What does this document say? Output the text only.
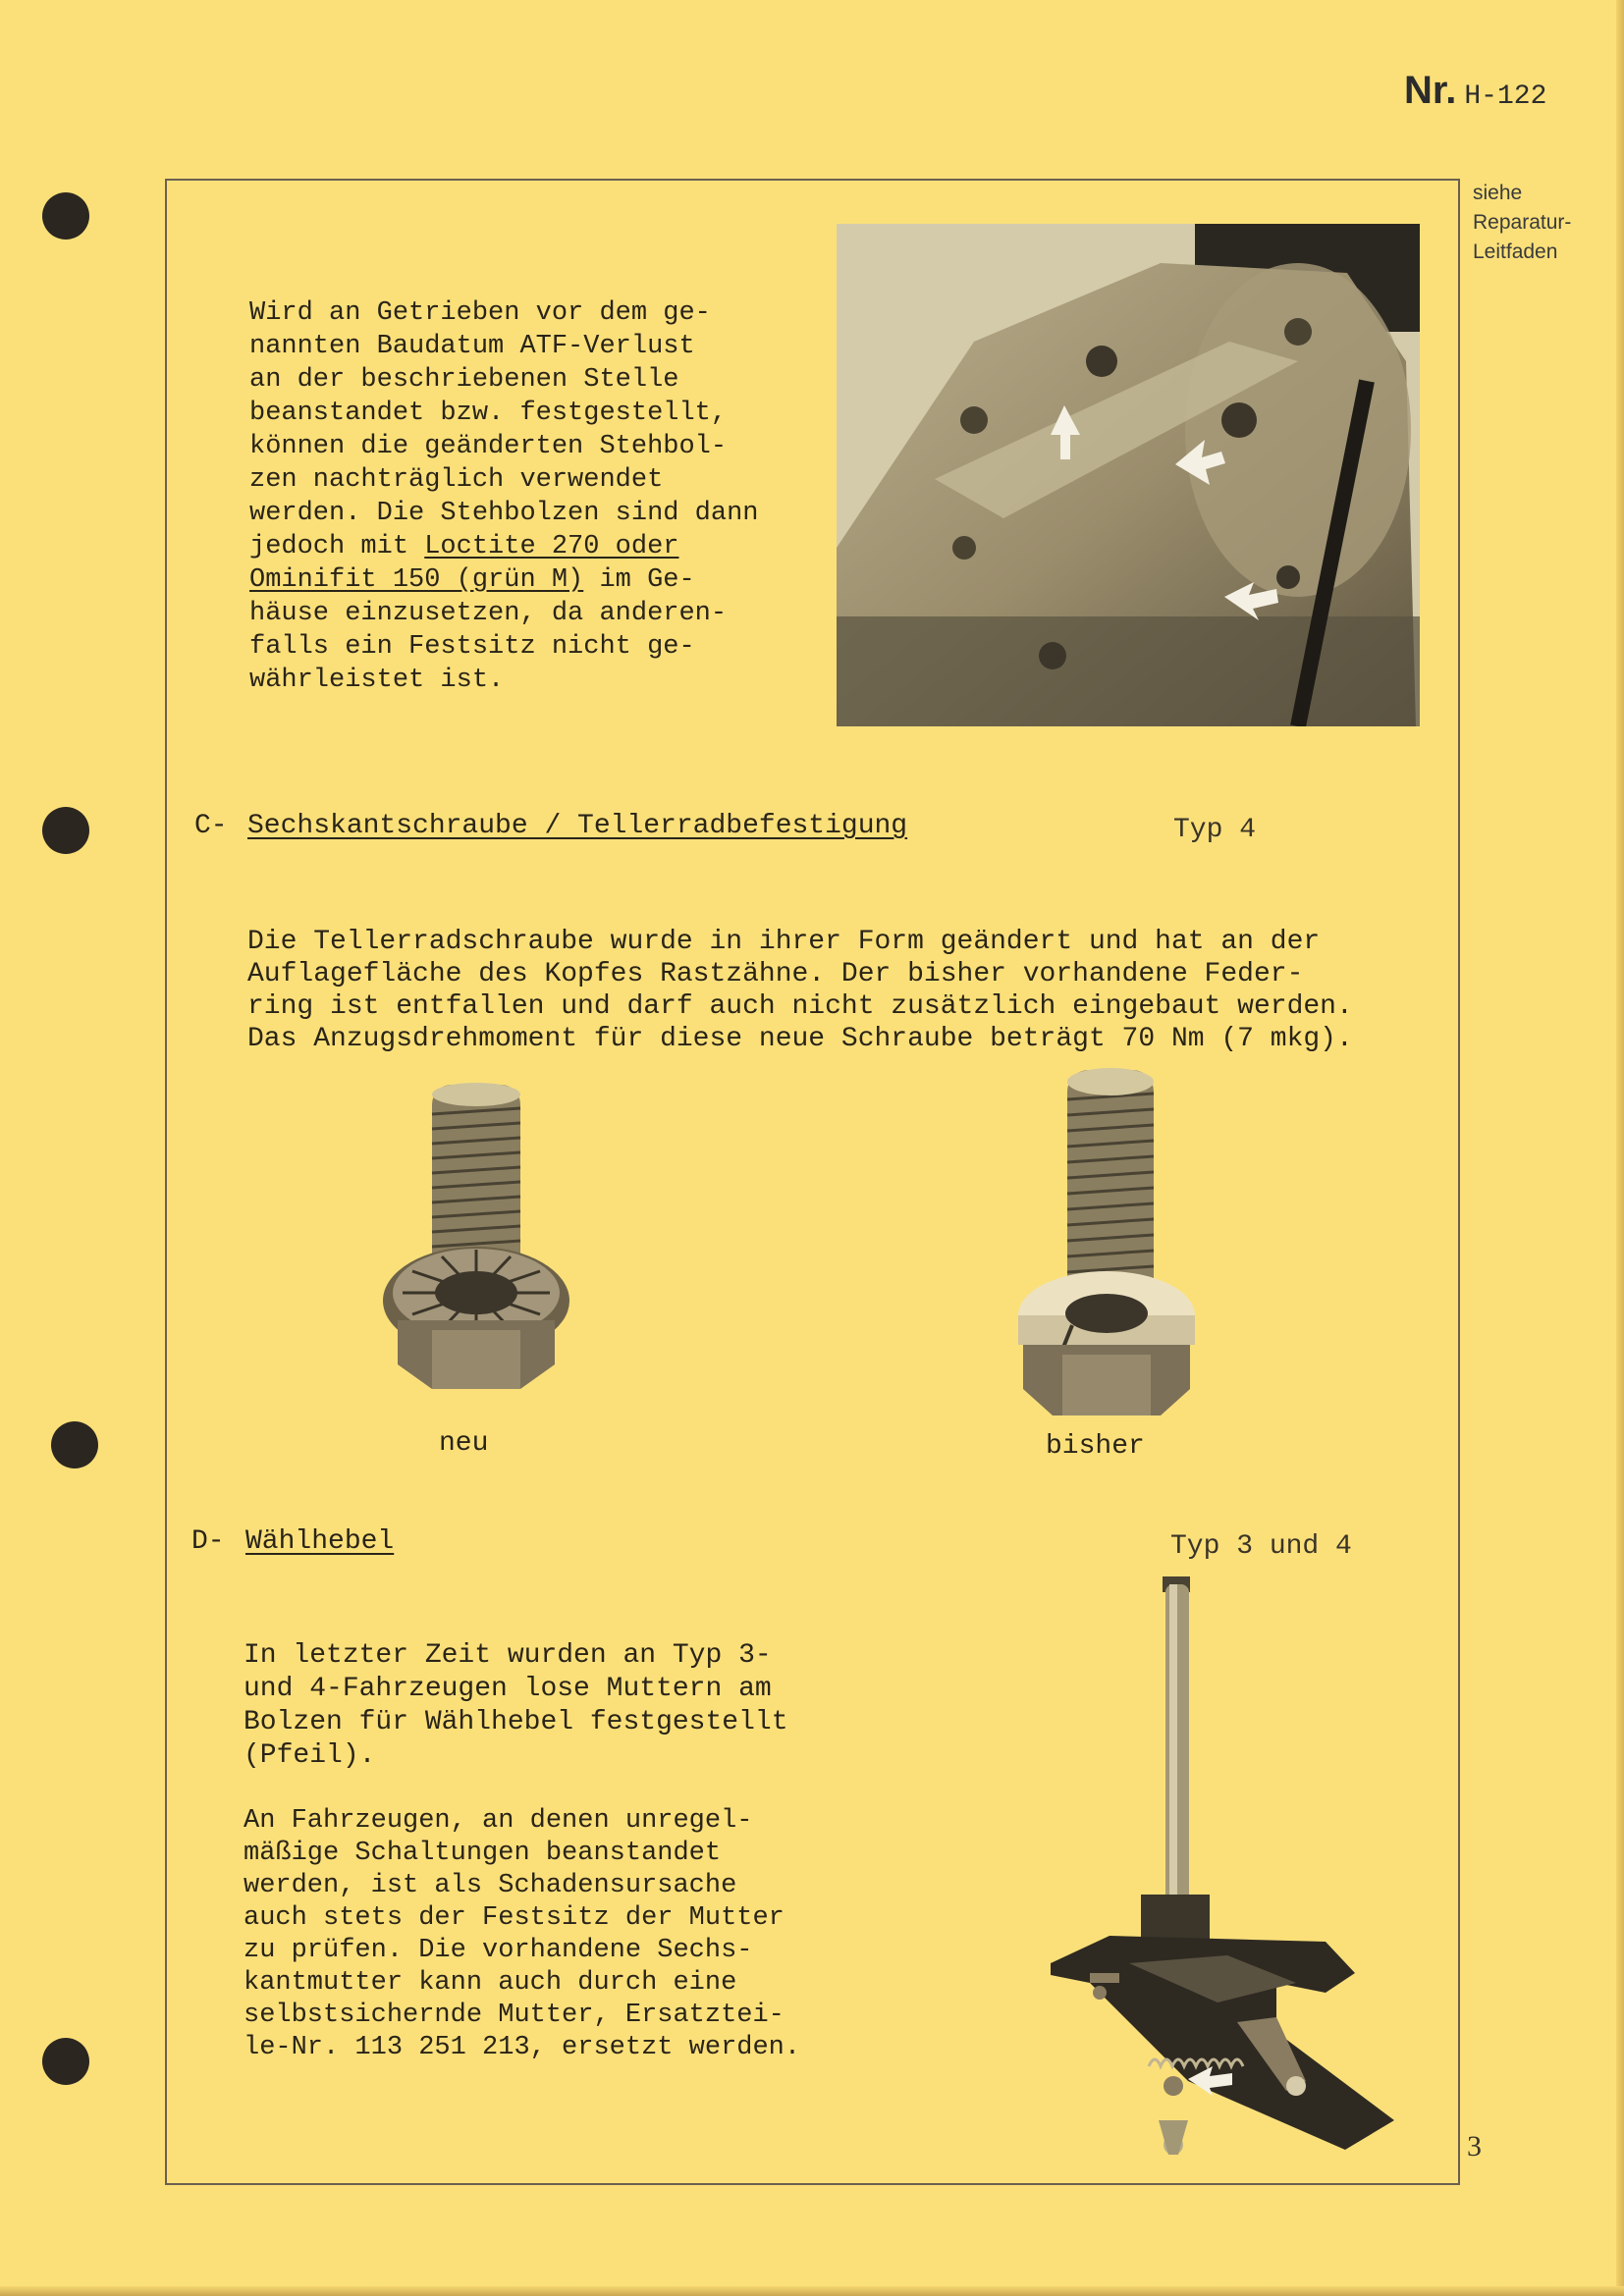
Nr. H-122
siehe
Reparatur-
Leitfaden

Wird an Getrieben vor dem ge-
nannten Baudatum ATF-Verlust
an der beschriebenen Stelle
beanstandet bzw. festgestellt,
können die geänderten Stehbol-
zen nachträglich verwendet
werden. Die Stehbolzen sind dann
jedoch mit Loctite 270 oder
Ominifit 150 (grün M) im Ge-
häuse einzusetzen, da anderen-
falls ein Festsitz nicht ge-
währleistet ist.

C- Sechskantschraube / Tellerradbefestigung	Typ 4

Die Tellerradschraube wurde in ihrer Form geändert und hat an der
Auflagefläche des Kopfes Rastzähne. Der bisher vorhandene Feder-
ring ist entfallen und darf auch nicht zusätzlich eingebaut werden.
Das Anzugsdrehmoment für diese neue Schraube beträgt 70 Nm (7 mkg).

neu	bisher
D- Wählhebel	Typ 3 und 4

In letzter Zeit wurden an Typ 3-
und 4-Fahrzeugen lose Muttern am
Bolzen für Wählhebel festgestellt
(Pfeil).

An Fahrzeugen, an denen unregel-
mäßige Schaltungen beanstandet
werden, ist als Schadensursache
auch stets der Festsitz der Mutter
zu prüfen. Die vorhandene Sechs-
kantmutter kann auch durch eine
selbstsichernde Mutter, Ersatztei-
le-Nr. 113 251 213, ersetzt werden.

3
